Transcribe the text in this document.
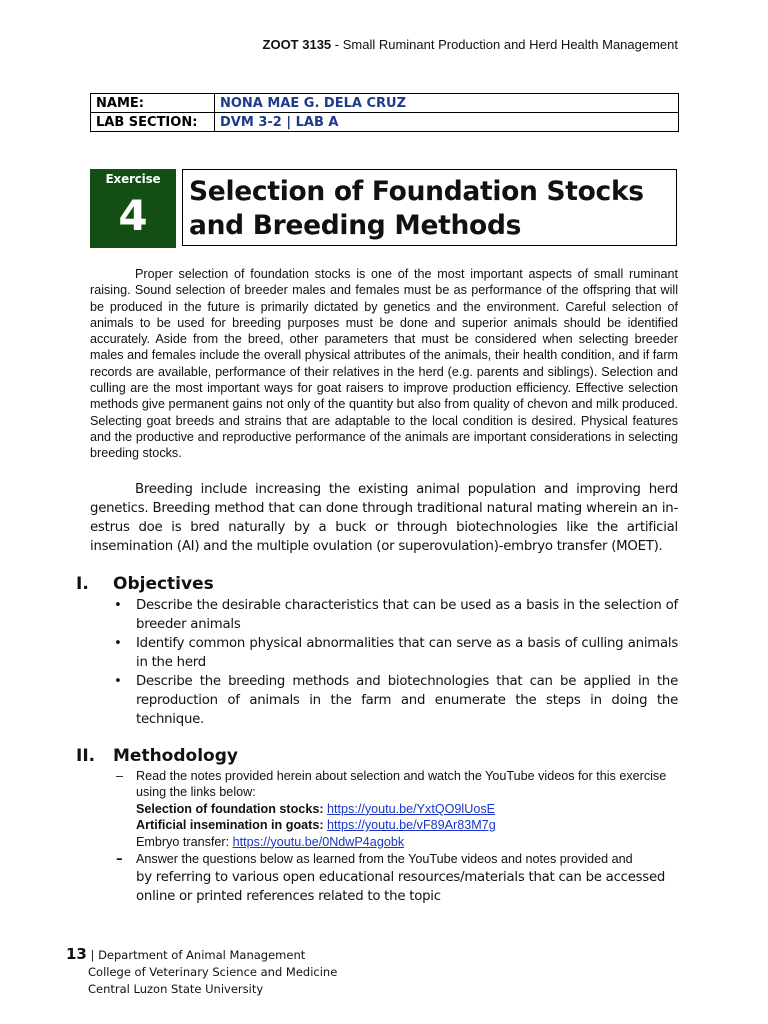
ZOOT 3135 - Small Ruminant Production and Herd Health Management
NAME:	NONA MAE G. DELA CRUZ
LAB SECTION:	DVM 3-2 | LAB A
Exercise
4	Selection of Foundation Stocks
and Breeding Methods

Proper selection of foundation stocks is one of the most important aspects of small ruminant raising. Sound selection of breeder males and females must be as performance of the offspring that will be produced in the future is primarily dictated by genetics and the environment. Careful selection of animals to be used for breeding purposes must be done and superior animals should be identified accurately. Aside from the breed, other parameters that must be considered when selecting breeder males and females include the overall physical attributes of the animals, their health condition, and if farm records are available, performance of their relatives in the herd (e.g. parents and siblings). Selection and culling are the most important ways for goat raisers to improve production efficiency. Effective selection methods give permanent gains not only of the quantity but also from quality of chevon and milk produced. Selecting goat breeds and strains that are adaptable to the local condition is desired. Physical features and the productive and reproductive performance of the animals are important considerations in selecting breeding stocks.

Breeding include increasing the existing animal population and improving herd genetics. Breeding method that can done through traditional natural mating wherein an in-estrus doe is bred naturally by a buck or through biotechnologies like the artificial insemination (AI) and the multiple ovulation (or superovulation)-embryo transfer (MOET).

I. Objectives
• Describe the desirable characteristics that can be used as a basis in the selection of breeder animals
• Identify common physical abnormalities that can serve as a basis of culling animals in the herd
• Describe the breeding methods and biotechnologies that can be applied in the reproduction of animals in the farm and enumerate the steps in doing the technique.
II. Methodology
– Read the notes provided herein about selection and watch the YouTube videos for this exercise using the links below:
Selection of foundation stocks: https://youtu.be/YxtQO9lUosE
Artificial insemination in goats: https://youtu.be/vF89Ar83M7g
Embryo transfer: https://youtu.be/0NdwP4agobk
– Answer the questions below as learned from the YouTube videos and notes provided and
by referring to various open educational resources/materials that can be accessed online or printed references related to the topic
13 | Department of Animal Management
College of Veterinary Science and Medicine
Central Luzon State University
